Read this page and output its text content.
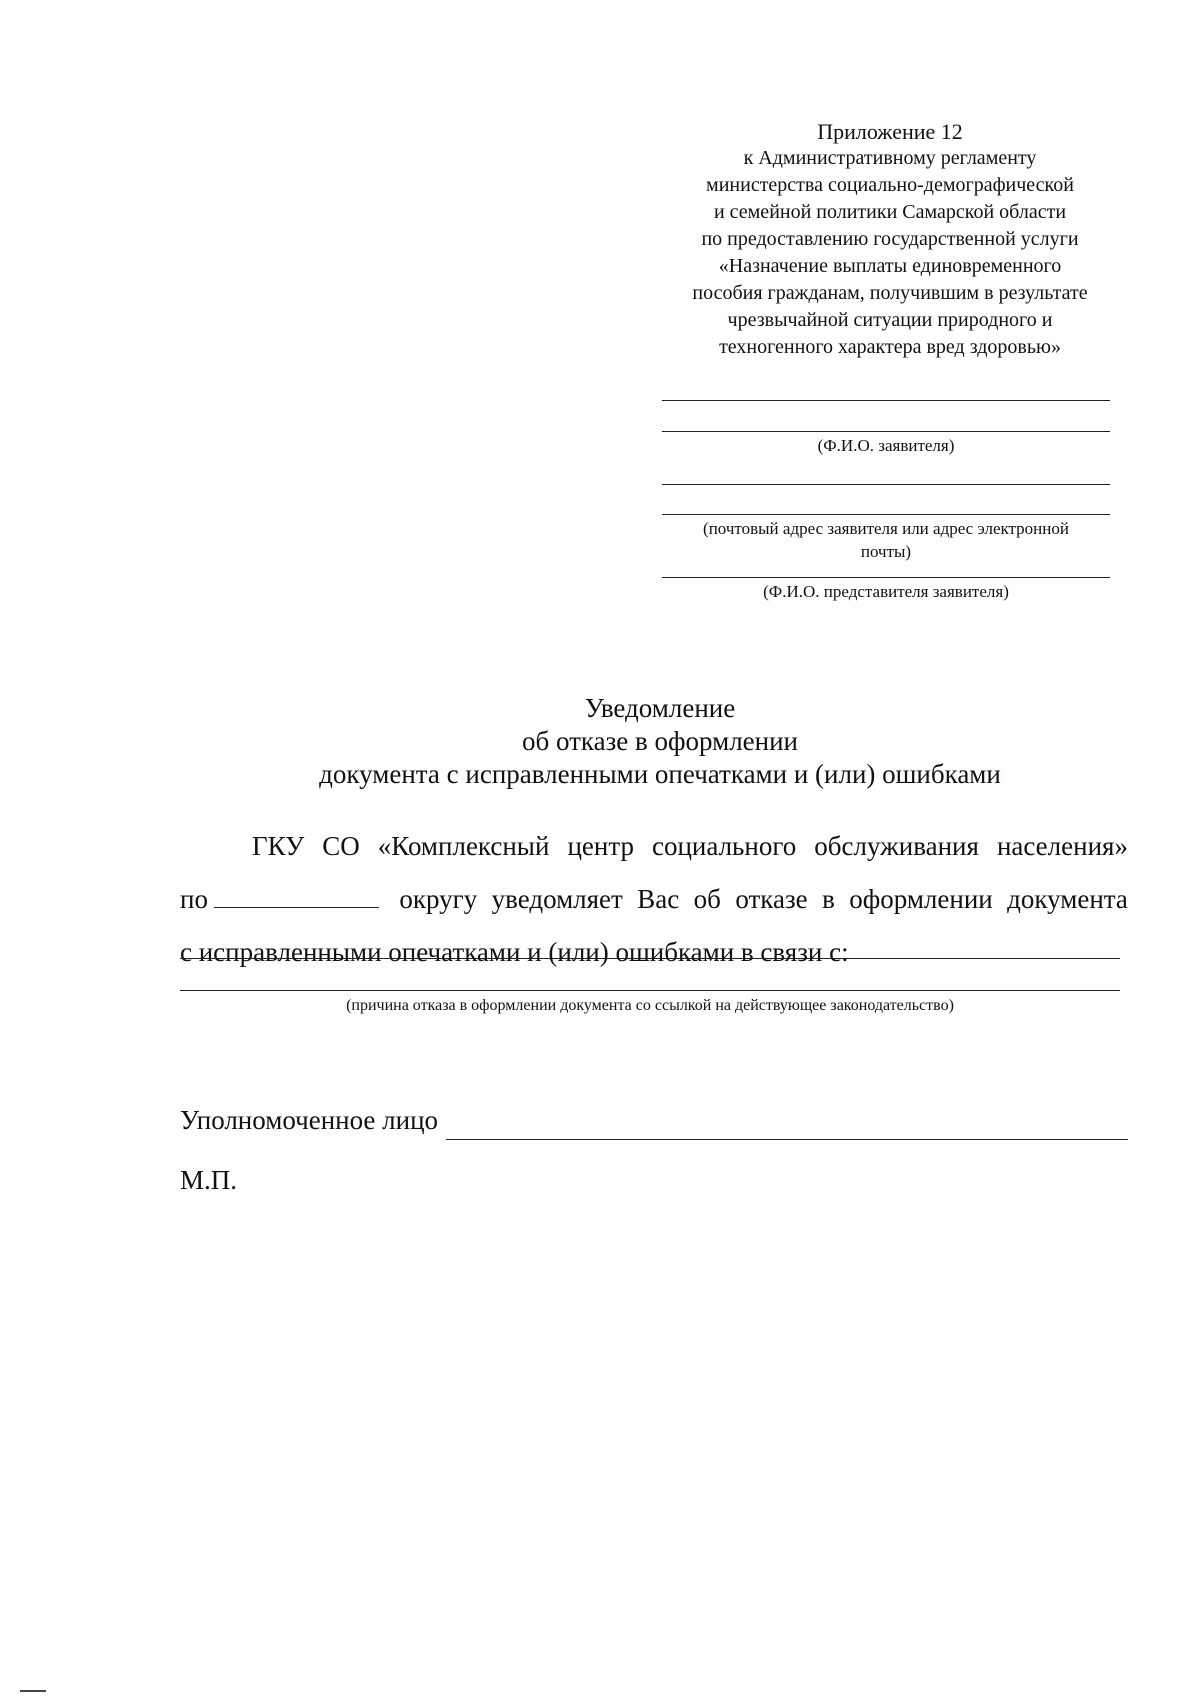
Приложение 12
к Административному регламенту
министерства социально-демографической
и семейной политики Самарской области
по предоставлению государственной услуги
«Назначение выплаты единовременного
пособия гражданам, получившим в результате
чрезвычайной ситуации природного и
техногенного характера вред здоровью»
(Ф.И.О. заявителя)
(почтовый адрес заявителя или адрес электронной
почты)
(Ф.И.О. представителя заявителя)
Уведомление
об отказе в оформлении
документа с исправленными опечатками и (или) ошибками
ГКУ СО «Комплексный центр социального обслуживания населения»
по	округу уведомляет Вас об отказе в оформлении документа
с исправленными опечатками и (или) ошибками в связи с:
(причина отказа в оформлении документа со ссылкой на действующее законодательство)
Уполномоченное лицо
М.П.
